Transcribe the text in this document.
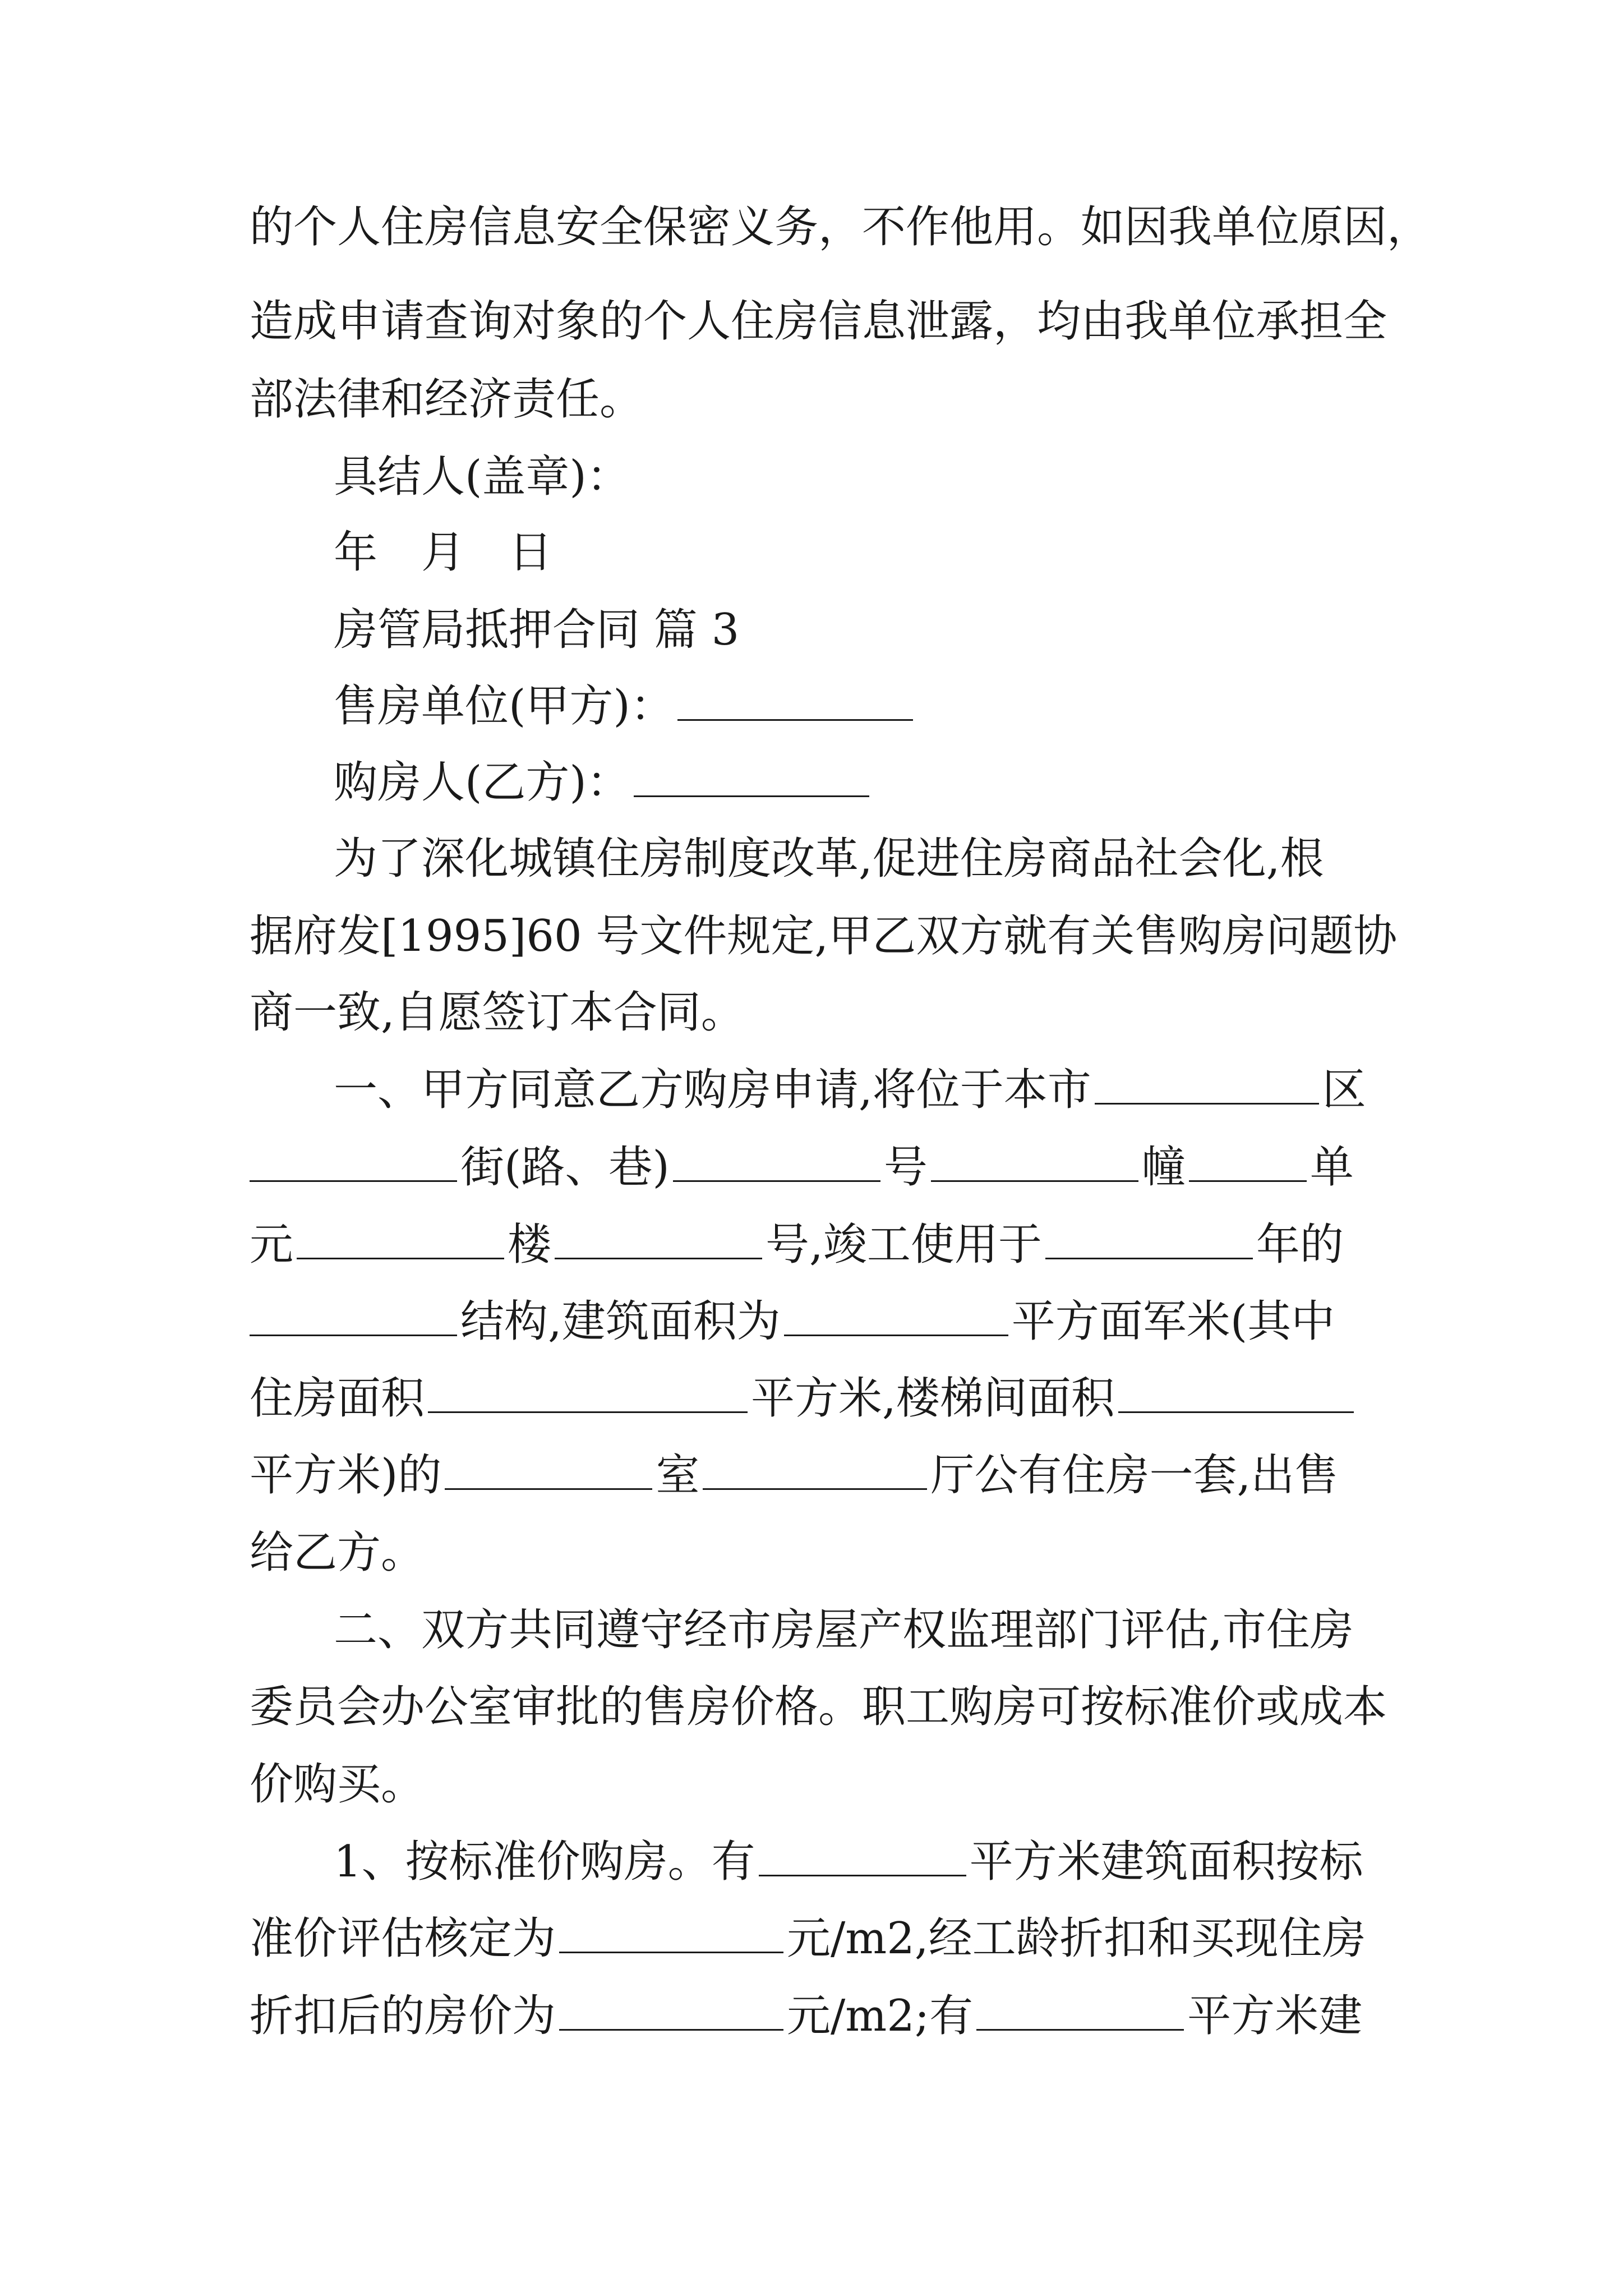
的个人住房信息安全保密义务，不作他用。如因我单位原因，
造成申请查询对象的个人住房信息泄露，均由我单位承担全
部法律和经济责任。
具结人(盖章)：
年　月　日
房管局抵押合同 篇 3
售房单位(甲方)：
购房人(乙方)：
为了深化城镇住房制度改革,促进住房商品社会化,根
据府发[1995]60 号文件规定,甲乙双方就有关售购房问题协
商一致,自愿签订本合同。
一、甲方同意乙方购房申请,将位于本市	区
街(路、巷)	号	幢	单
元	楼	号,竣工使用于	年的
结构,建筑面积为	平方面军米(其中
住房面积	平方米,楼梯间面积
平方米)的	室	厅公有住房一套,出售
给乙方。
二、双方共同遵守经市房屋产权监理部门评估,市住房
委员会办公室审批的售房价格。职工购房可按标准价或成本
价购买。
1、按标准价购房。有	平方米建筑面积按标
准价评估核定为	元/m2,经工龄折扣和买现住房
折扣后的房价为	元/m2;有	平方米建
